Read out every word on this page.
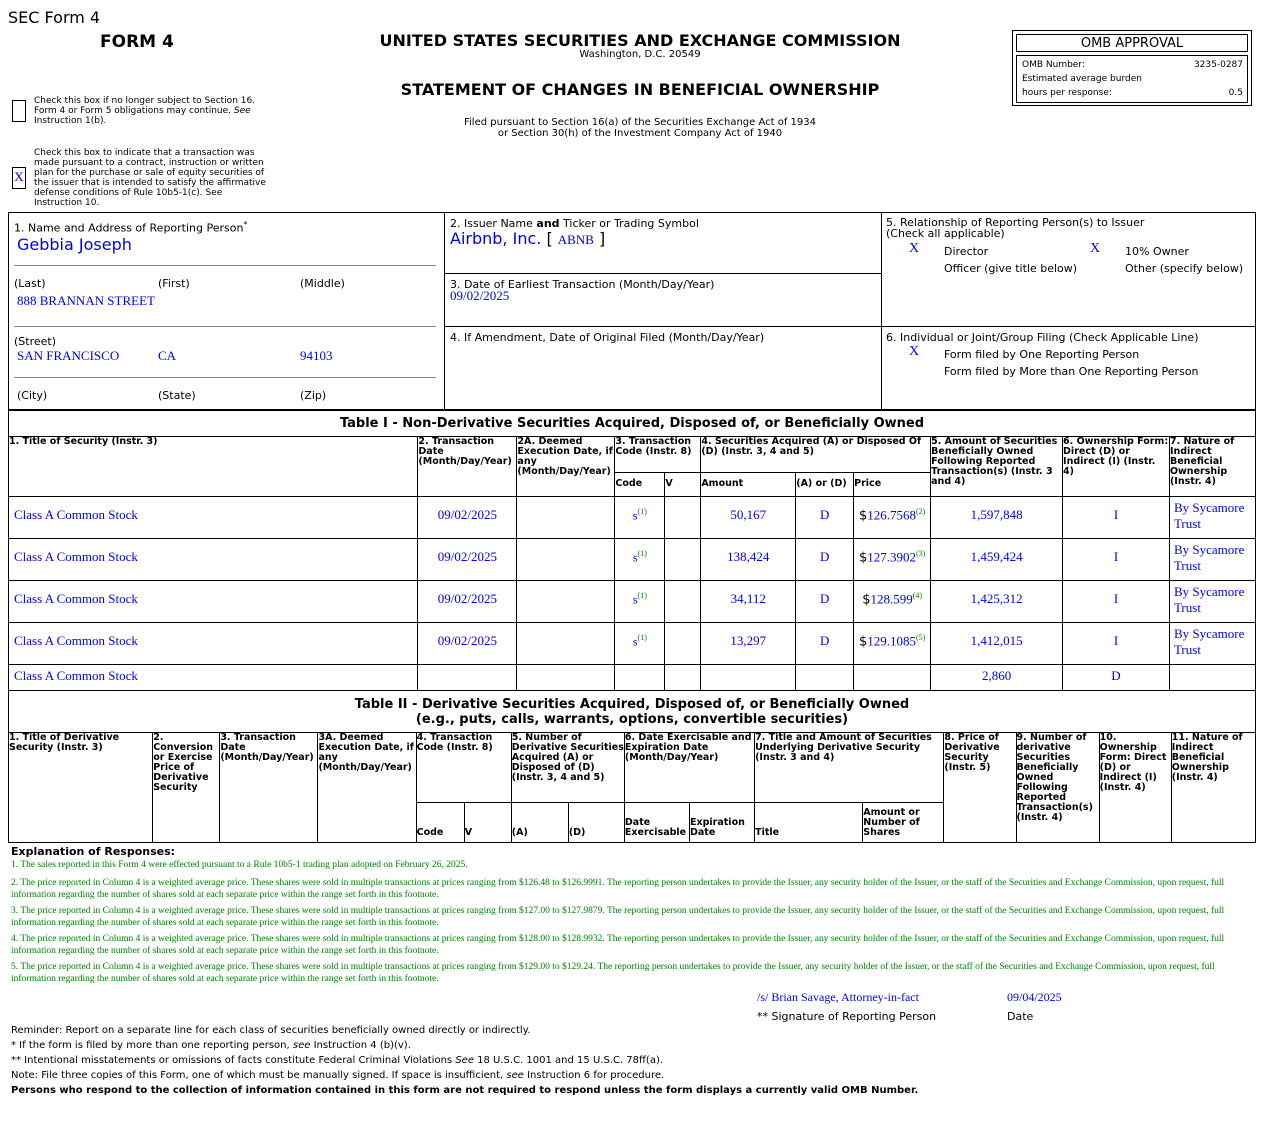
SEC Form 4
FORM 4	UNITED STATES SECURITIES AND EXCHANGE COMMISSION
Washington, D.C. 20549
STATEMENT OF CHANGES IN BENEFICIAL OWNERSHIP
Filed pursuant to Section 16(a) of the Securities Exchange Act of 1934
or Section 30(h) of the Investment Company Act of 1940
OMB APPROVAL
OMB Number:	3235-0287
Estimated average burden
hours per response:	0.5
Check this box if no longer subject to Section 16.
Form 4 or Form 5 obligations may continue. See
Instruction 1(b).
X
Check this box to indicate that a transaction was
made pursuant to a contract, instruction or written
plan for the purchase or sale of equity securities of
the issuer that is intended to satisfy the affirmative
defense conditions of Rule 10b5-1(c). See
Instruction 10.
1. Name and Address of Reporting Person*
Gebbia Joseph
(Last)	(First)	(Middle)
888 BRANNAN STREET
(Street)
SAN FRANCISCO	CA	94103
(City)	(State)	(Zip)
2. Issuer Name and Ticker or Trading Symbol
Airbnb, Inc. [ ABNB ]
3. Date of Earliest Transaction (Month/Day/Year)
09/02/2025
4. If Amendment, Date of Original Filed (Month/Day/Year)
5. Relationship of Reporting Person(s) to Issuer
(Check all applicable)
X Director	X 10% Owner
Officer (give title below)	Other (specify below)
6. Individual or Joint/Group Filing (Check Applicable Line)
X Form filed by One Reporting Person
Form filed by More than One Reporting Person
Table I - Non-Derivative Securities Acquired, Disposed of, or Beneficially Owned
1. Title of Security (Instr. 3)	2. Transaction Date (Month/Day/Year)	2A. Deemed Execution Date, if any (Month/Day/Year)	3. Transaction Code (Instr. 8)		4. Securities Acquired (A) or Disposed Of (D) (Instr. 3, 4 and 5)			5. Amount of Securities Beneficially Owned Following Reported Transaction(s) (Instr. 3 and 4)	6. Ownership Form: Direct (D) or Indirect (I) (Instr. 4)	7. Nature of Indirect Beneficial Ownership (Instr. 4)
			Code	V	Amount	(A) or (D)	Price			
Class A Common Stock	09/02/2025		$s^{(1)}$		50,167	D	$126.7568$^{(2)}$	1,597,848	I	By Sycamore Trust
Class A Common Stock	09/02/2025		$s^{(1)}$		138,424	D	$127.3902$^{(3)}$	1,459,424	I	By Sycamore Trust
Class A Common Stock	09/02/2025		$s^{(1)}$		34,112	D	$128.599$^{(4)}$	1,425,312	I	By Sycamore Trust
Class A Common Stock	09/02/2025		$s^{(1)}$		13,297	D	$129.1085$^{(5)}$	1,412,015	I	By Sycamore Trust
Class A Common Stock								2,860	D	
Table II - Derivative Securities Acquired, Disposed of, or Beneficially Owned
(e.g., puts, calls, warrants, options, convertible securities)
1. Title of Derivative Security (Instr. 3)	2. Conversion or Exercise Price of Derivative Security	3. Transaction Date (Month/Day/Year)	3A. Deemed Execution Date, if any (Month/Day/Year)	4. Transaction Code (Instr. 8)		5. Number of Derivative Securities Acquired (A) or Disposed of (D) (Instr. 3, 4 and 5)		6. Date Exercisable and Expiration Date (Month/Day/Year)		7. Title and Amount of Securities Underlying Derivative Security (Instr. 3 and 4)		8. Price of Derivative Security (Instr. 5)	9. Number of derivative Securities Beneficially Owned Following Reported Transaction(s) (Instr. 4)	10. Ownership Form: Direct (D) or Indirect (I) (Instr. 4)	11. Nature of Indirect Beneficial Ownership (Instr. 4)
				Code	V	(A)	(D)	Date Exercisable	Expiration Date	Title	Amount or Number of Shares				
Explanation of Responses:
1. The sales reported in this Form 4 were effected pursuant to a Rule 10b5-1 trading plan adopted on February 26, 2025.
2. The price reported in Column 4 is a weighted average price. These shares were sold in multiple transactions at prices ranging from $126.48 to $126.9991. The reporting person undertakes to provide the Issuer, any security holder of the Issuer, or the staff of the Securities and Exchange Commission, upon request, full information regarding the number of shares sold at each separate price within the range set forth in this footnote.
3. The price reported in Column 4 is a weighted average price. These shares were sold in multiple transactions at prices ranging from $127.00 to $127.9879. The reporting person undertakes to provide the Issuer, any security holder of the Issuer, or the staff of the Securities and Exchange Commission, upon request, full information regarding the number of shares sold at each separate price within the range set forth in this footnote.
4. The price reported in Column 4 is a weighted average price. These shares were sold in multiple transactions at prices ranging from $128.00 to $128.9932. The reporting person undertakes to provide the Issuer, any security holder of the Issuer, or the staff of the Securities and Exchange Commission, upon request, full information regarding the number of shares sold at each separate price within the range set forth in this footnote.
5. The price reported in Column 4 is a weighted average price. These shares were sold in multiple transactions at prices ranging from $129.00 to $129.24. The reporting person undertakes to provide the Issuer, any security holder of the Issuer, or the staff of the Securities and Exchange Commission, upon request, full information regarding the number of shares sold at each separate price within the range set forth in this footnote.
/s/ Brian Savage, Attorney-in-fact	09/04/2025
** Signature of Reporting Person	Date
Reminder: Report on a separate line for each class of securities beneficially owned directly or indirectly.
* If the form is filed by more than one reporting person, see Instruction 4 (b)(v).
** Intentional misstatements or omissions of facts constitute Federal Criminal Violations See 18 U.S.C. 1001 and 15 U.S.C. 78ff(a).
Note: File three copies of this Form, one of which must be manually signed. If space is insufficient, see Instruction 6 for procedure.
Persons who respond to the collection of information contained in this form are not required to respond unless the form displays a currently valid OMB Number.
